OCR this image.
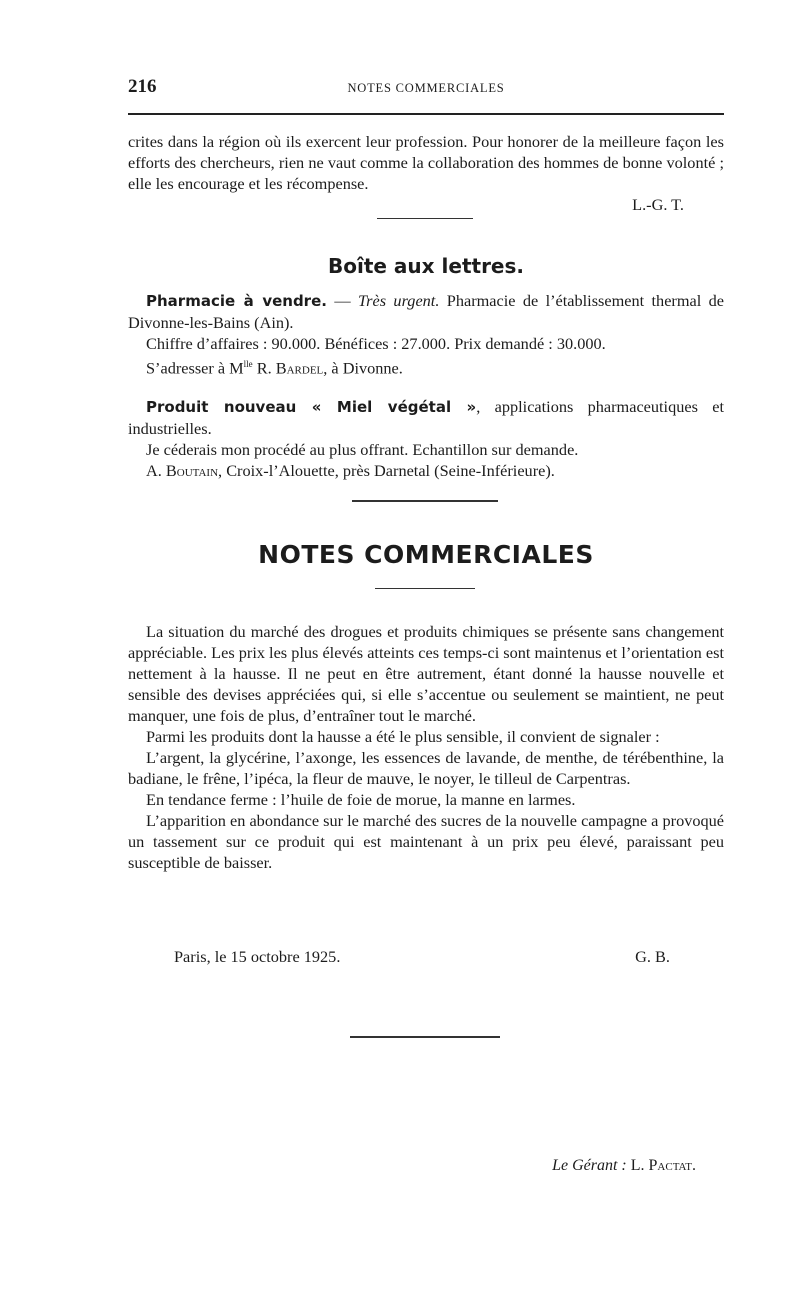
216	NOTES COMMERCIALES

crites dans la région où ils exercent leur profession. Pour honorer de la meilleure façon les efforts des chercheurs, rien ne vaut comme la collaboration des hommes de bonne volonté ; elle les encourage et les récompense.

L.-G. T.
Boîte aux lettres.

Pharmacie à vendre. — Très urgent. Pharmacie de l’établissement thermal de Divonne-les-Bains (Ain).

Chiffre d’affaires : 90.000. Bénéfices : 27.000. Prix demandé : 30.000.

S’adresser à $M^{lle}$ R. Bardel, à Divonne.

Produit nouveau « Miel végétal », applications pharmaceutiques et industrielles.

Je céderais mon procédé au plus offrant. Echantillon sur demande.

A. Boutain, Croix-l’Alouette, près Darnetal (Seine-Inférieure).

NOTES COMMERCIALES

La situation du marché des drogues et produits chimiques se présente sans changement appréciable. Les prix les plus élevés atteints ces temps-ci sont maintenus et l’orientation est nettement à la hausse. Il ne peut en être autrement, étant donné la hausse nouvelle et sensible des devises appréciées qui, si elle s’accentue ou seulement se maintient, ne peut manquer, une fois de plus, d’entraîner tout le marché.

Parmi les produits dont la hausse a été le plus sensible, il convient de signaler :

L’argent, la glycérine, l’axonge, les essences de lavande, de menthe, de térébenthine, la badiane, le frêne, l’ipéca, la fleur de mauve, le noyer, le tilleul de Carpentras.

En tendance ferme : l’huile de foie de morue, la manne en larmes.

L’apparition en abondance sur le marché des sucres de la nouvelle campagne a provoqué un tassement sur ce produit qui est maintenant à un prix peu élevé, paraissant peu susceptible de baisser.

Paris, le 15 octobre 1925.	G. B.
Le Gérant : L. Pactat.
